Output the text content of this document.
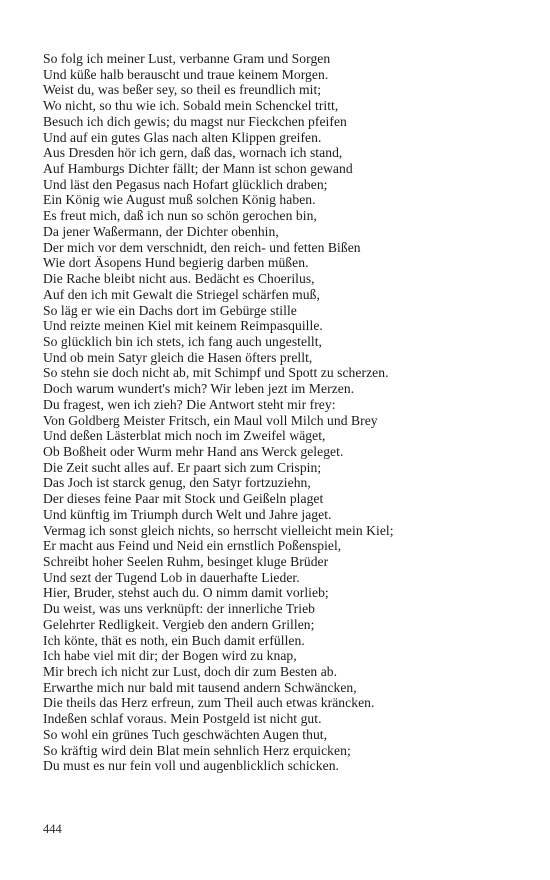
So folg ich meiner Lust, verbanne Gram und Sorgen
Und küße halb berauscht und traue keinem Morgen.
Weist du, was beßer sey, so theil es freundlich mit;
Wo nicht, so thu wie ich. Sobald mein Schenckel tritt,
Besuch ich dich gewis; du magst nur Fieckchen pfeifen
Und auf ein gutes Glas nach alten Klippen greifen.
Aus Dresden hör ich gern, daß das, wornach ich stand,
Auf Hamburgs Dichter fällt; der Mann ist schon gewand
Und läst den Pegasus nach Hofart glücklich draben;
Ein König wie August muß solchen König haben.
Es freut mich, daß ich nun so schön gerochen bin,
Da jener Waßermann, der Dichter obenhin,
Der mich vor dem verschnidt, den reich- und fetten Bißen
Wie dort Äsopens Hund begierig darben müßen.
Die Rache bleibt nicht aus. Bedächt es Choerilus,
Auf den ich mit Gewalt die Striegel schärfen muß,
So läg er wie ein Dachs dort im Gebürge stille
Und reizte meinen Kiel mit keinem Reimpasquille.
So glücklich bin ich stets, ich fang auch ungestellt,
Und ob mein Satyr gleich die Hasen öfters prellt,
So stehn sie doch nicht ab, mit Schimpf und Spott zu scherzen.
Doch warum wundert's mich? Wir leben jezt im Merzen.
Du fragest, wen ich zieh? Die Antwort steht mir frey:
Von Goldberg Meister Fritsch, ein Maul voll Milch und Brey
Und deßen Lästerblat mich noch im Zweifel wäget,
Ob Boßheit oder Wurm mehr Hand ans Werck geleget.
Die Zeit sucht alles auf. Er paart sich zum Crispin;
Das Joch ist starck genug, den Satyr fortzuziehn,
Der dieses feine Paar mit Stock und Geißeln plaget
Und künftig im Triumph durch Welt und Jahre jaget.
Vermag ich sonst gleich nichts, so herrscht vielleicht mein Kiel;
Er macht aus Feind und Neid ein ernstlich Poßenspiel,
Schreibt hoher Seelen Ruhm, besinget kluge Brüder
Und sezt der Tugend Lob in dauerhafte Lieder.
Hier, Bruder, stehst auch du. O nimm damit vorlieb;
Du weist, was uns verknüpft: der innerliche Trieb
Gelehrter Redligkeit. Vergieb den andern Grillen;
Ich könte, thät es noth, ein Buch damit erfüllen.
Ich habe viel mit dir; der Bogen wird zu knap,
Mir brech ich nicht zur Lust, doch dir zum Besten ab.
Erwarthe mich nur bald mit tausend andern Schwäncken,
Die theils das Herz erfreun, zum Theil auch etwas kräncken.
Indeßen schlaf voraus. Mein Postgeld ist nicht gut.
So wohl ein grünes Tuch geschwächten Augen thut,
So kräftig wird dein Blat mein sehnlich Herz erquicken;
Du must es nur fein voll und augenblicklich schicken.
444
